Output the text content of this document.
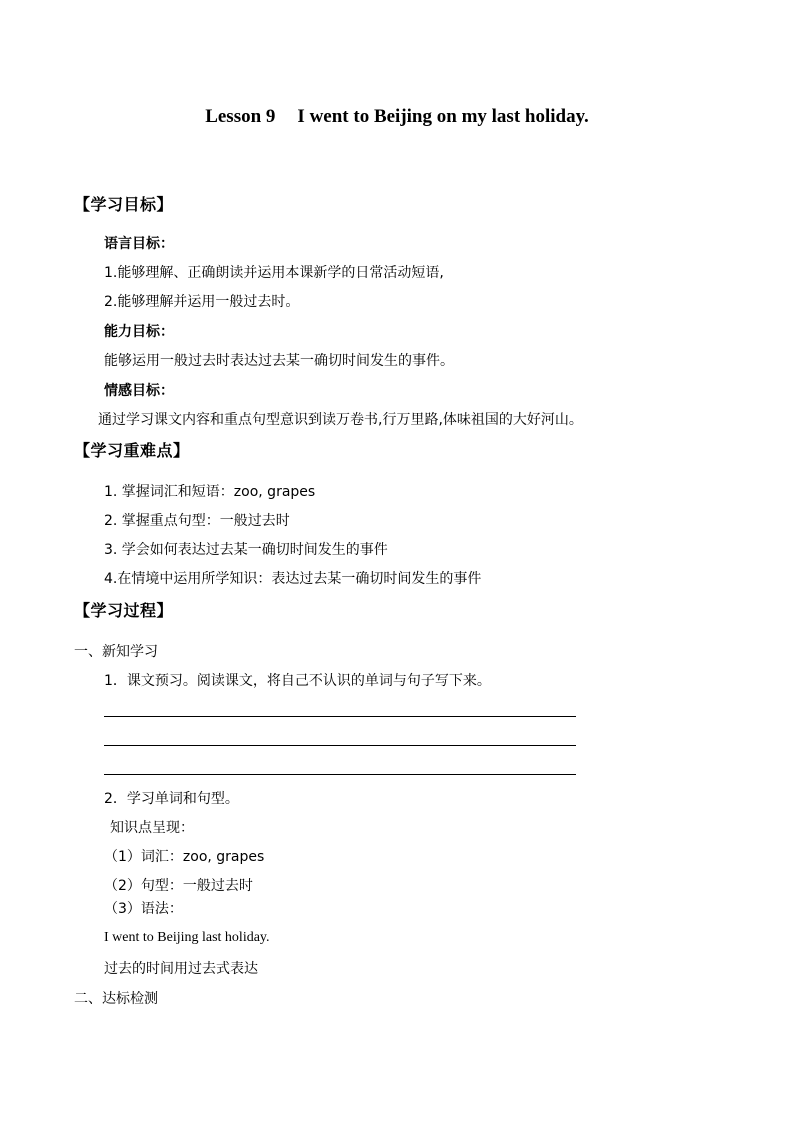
Lesson 9 I went to Beijing on my last holiday.
【学习目标】
语言目标：
1.能够理解、正确朗读并运用本课新学的日常活动短语,
2.能够理解并运用一般过去时。
能力目标：
能够运用一般过去时表达过去某一确切时间发生的事件。
情感目标：
通过学习课文内容和重点句型意识到读万卷书,行万里路,体味祖国的大好河山。
【学习重难点】
1. 掌握词汇和短语：zoo, grapes
2. 掌握重点句型：一般过去时
3. 学会如何表达过去某一确切时间发生的事件
4.在情境中运用所学知识：表达过去某一确切时间发生的事件
【学习过程】
一、新知学习
1．课文预习。阅读课文，将自己不认识的单词与句子写下来。
2．学习单词和句型。
知识点呈现：
（1）词汇：zoo, grapes
（2）句型：一般过去时
（3）语法：
I went to Beijing last holiday.
过去的时间用过去式表达
二、达标检测
